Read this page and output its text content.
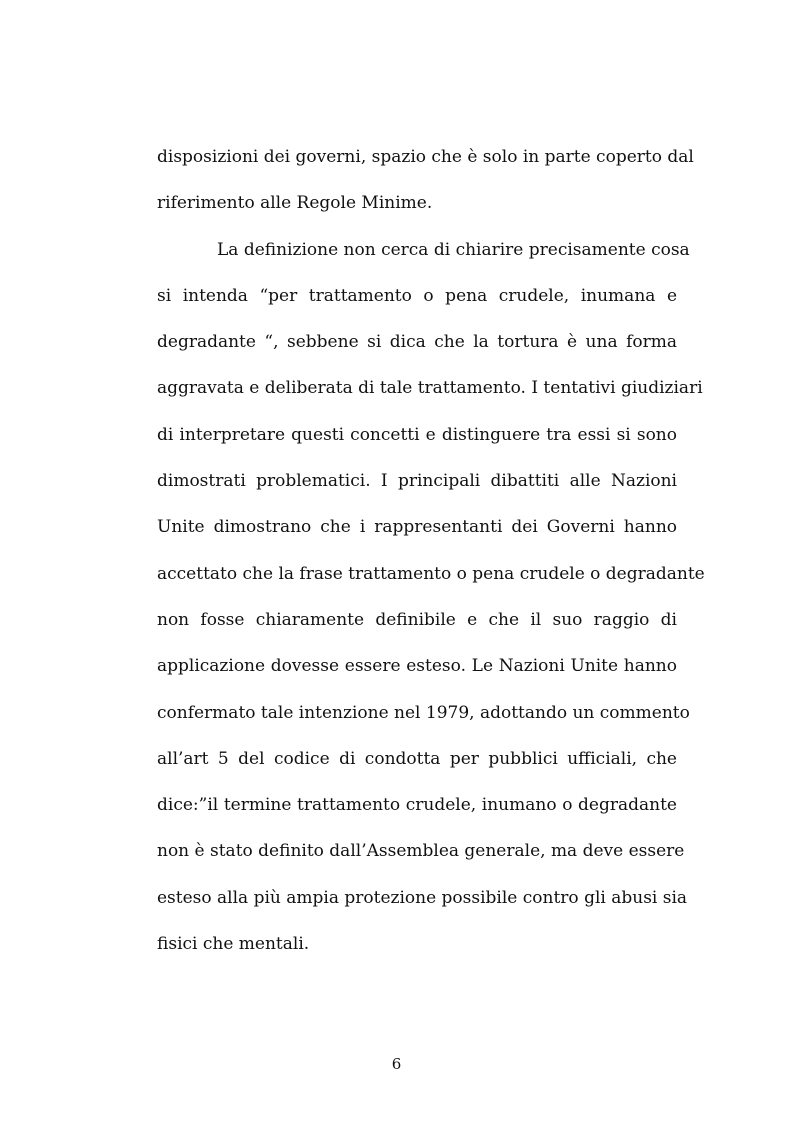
disposizioni dei governi, spazio che è solo in parte coperto dal
riferimento alle Regole Minime.
La definizione non cerca di chiarire precisamente cosa
si intenda “per trattamento o pena crudele, inumana e
degradante “, sebbene si dica che la tortura è una forma
aggravata e deliberata di tale trattamento. I tentativi giudiziari
di interpretare questi concetti e distinguere tra essi si sono
dimostrati problematici. I principali dibattiti alle Nazioni
Unite dimostrano che i rappresentanti dei Governi hanno
accettato che la frase trattamento o pena crudele o degradante
non fosse chiaramente definibile e che il suo raggio di
applicazione dovesse essere esteso. Le Nazioni Unite hanno
confermato tale intenzione nel 1979, adottando un commento
all’art 5 del codice di condotta per pubblici ufficiali, che
dice:”il termine trattamento crudele, inumano o degradante
non è stato definito dall’Assemblea generale, ma deve essere
esteso alla più ampia protezione possibile contro gli abusi sia
fisici che mentali.
6
